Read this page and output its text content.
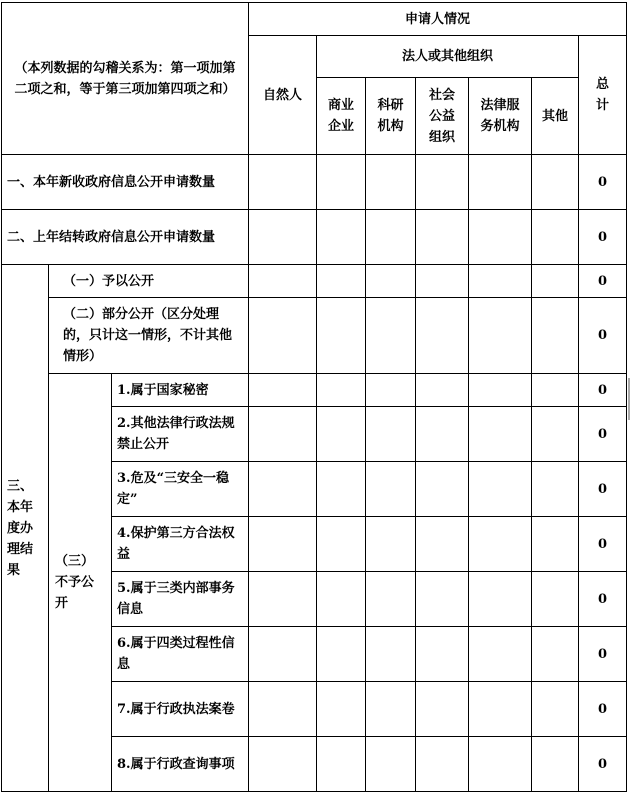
（本列数据的勾稽关系为：第一项加第二项之和，等于第三项加第四项之和）			申请人情况						
			自然人	法人或其他组织					总计

				商业企业	科研机构	社会公益组织	法律服务机构	其他	
一、本年新收政府信息公开申请数量									0
二、上年结转政府信息公开申请数量									0

三、本年度办理结果	（一）予以公开								0
	（二）部分公开（区分处理的，只计这一情形，不计其他情形）								0

	（三）不予公开	1.属于国家秘密							0
		2.其他法律行政法规禁止公开							0
		3.危及“三安全一稳定”							0
		4.保护第三方合法权益							0
		5.属于三类内部事务信息							0
		6.属于四类过程性信息							0
		7.属于行政执法案卷							0
		8.属于行政查询事项							0
